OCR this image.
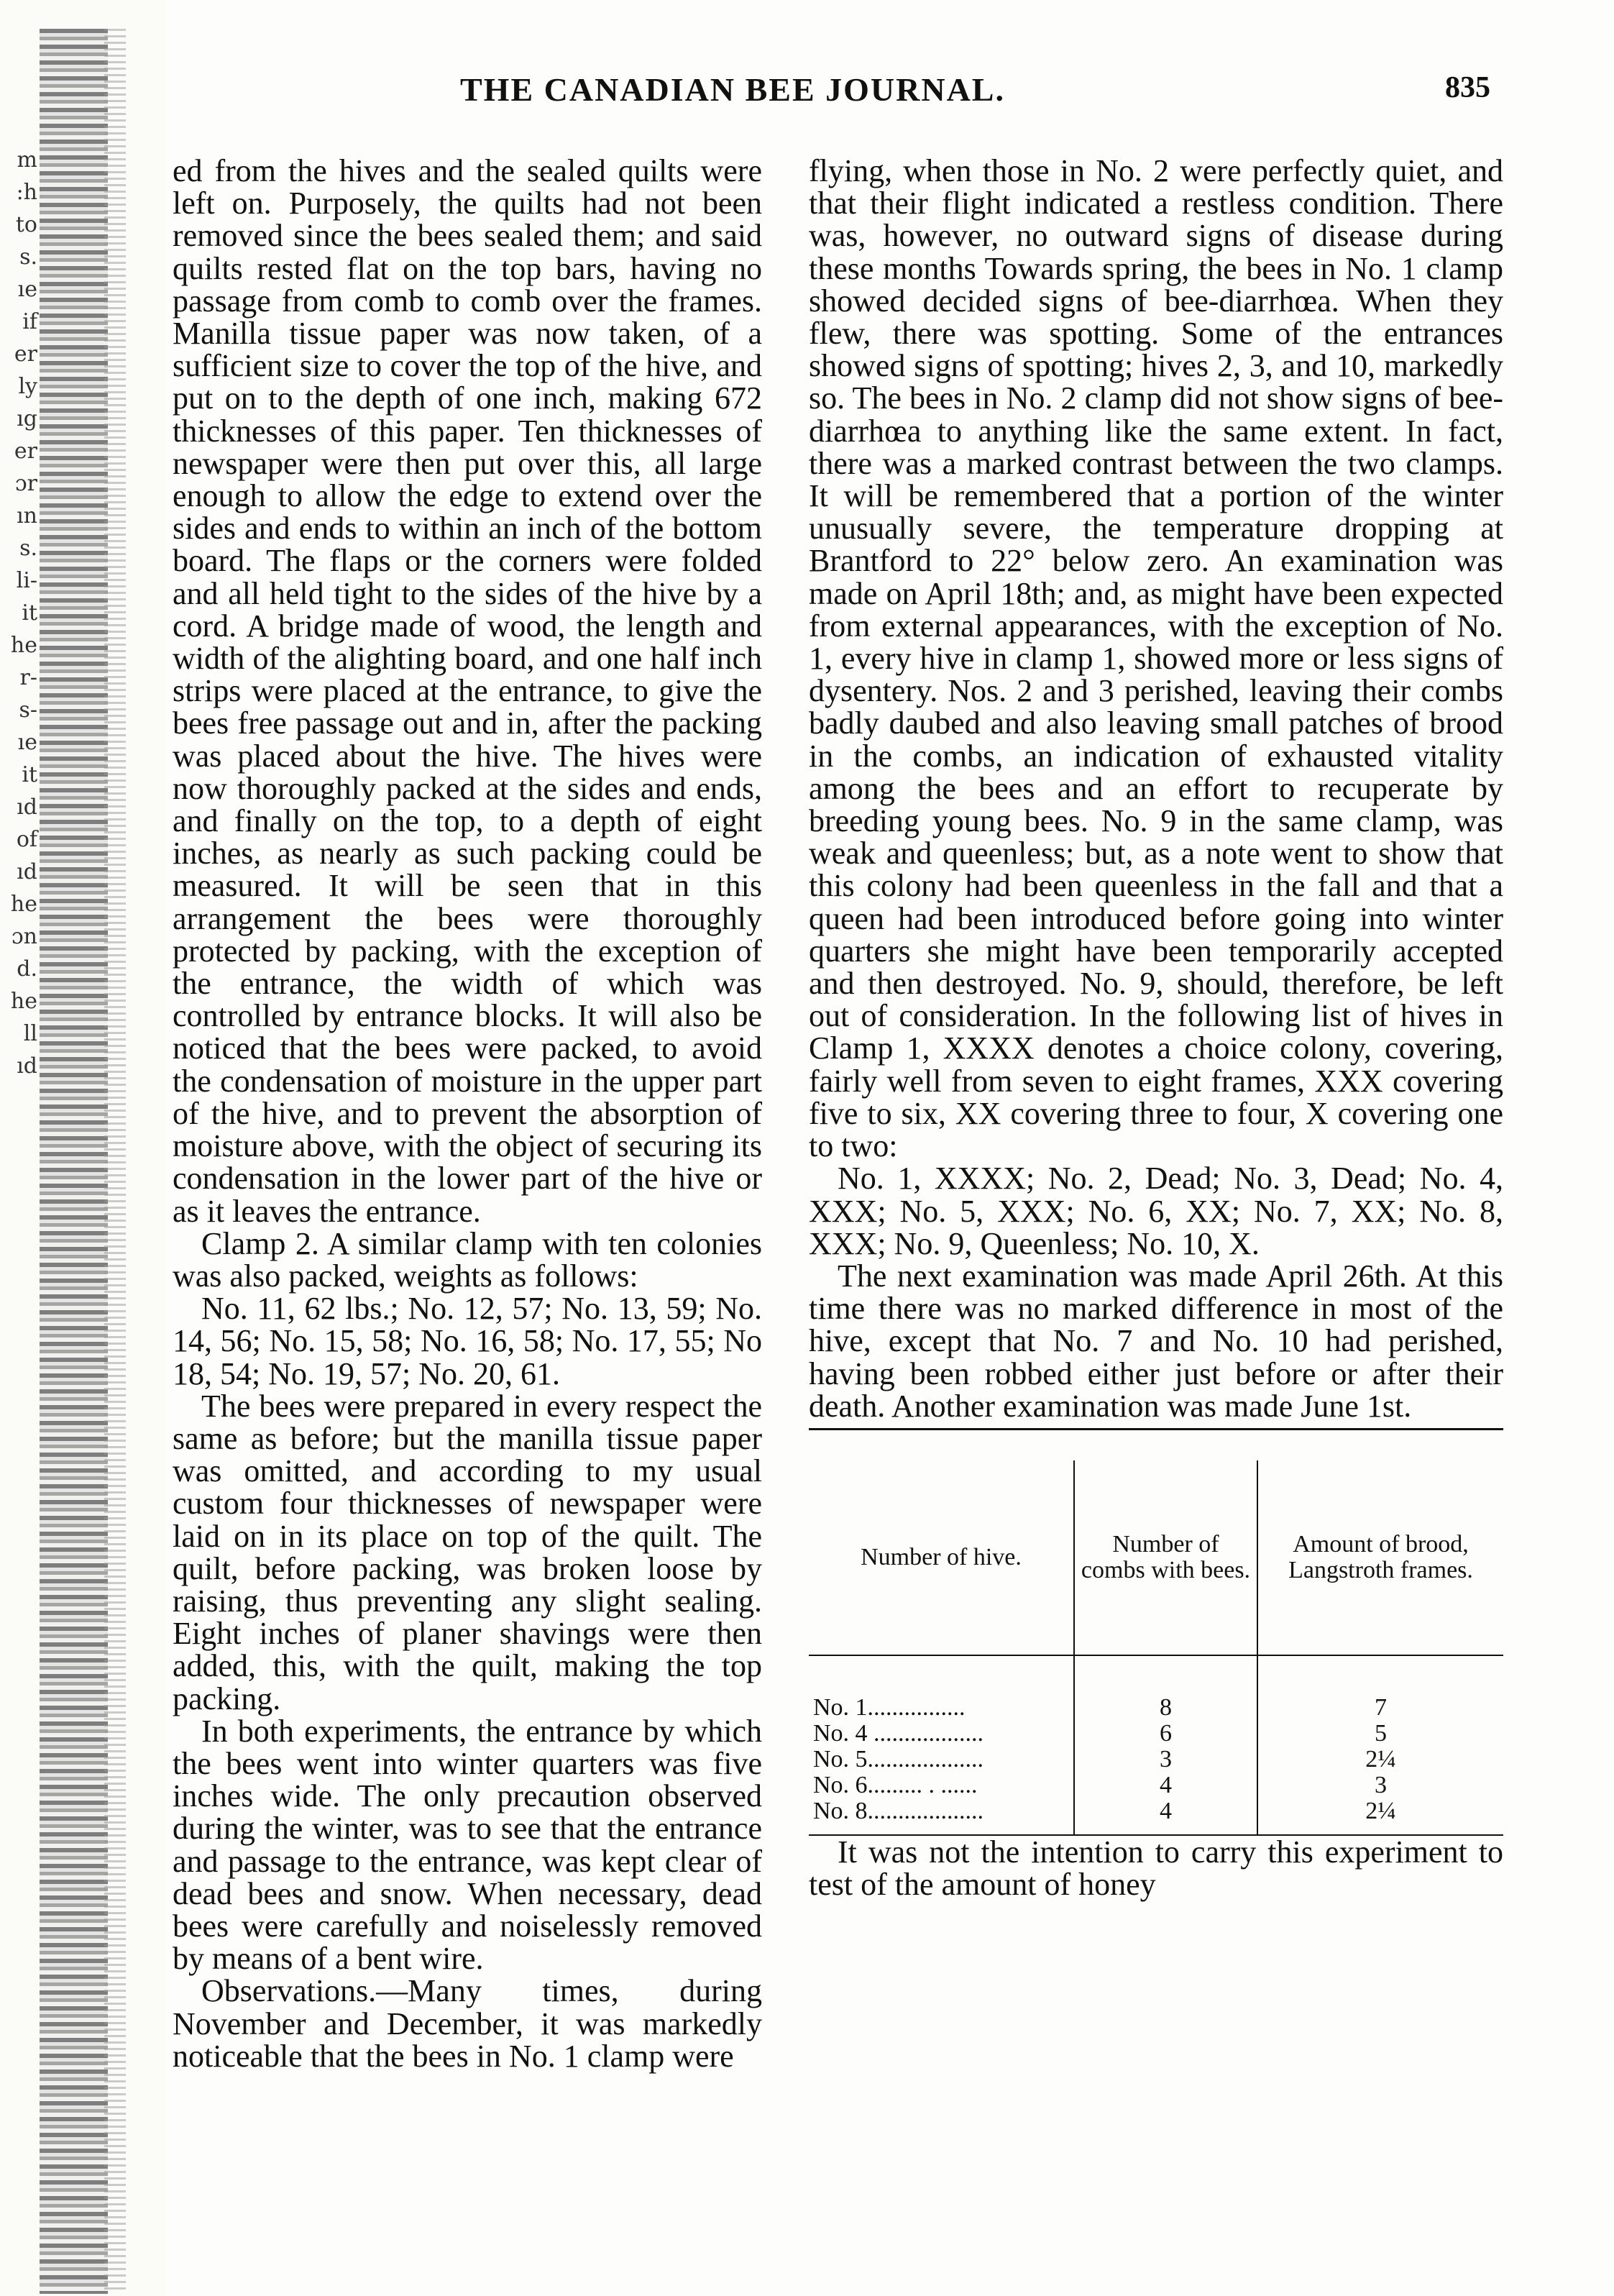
m
:h
to
s.
ıe
if
er
ly
ıg
er
ɔr
ın
s.
li-
it
he
r-
s-
ıe
it
ıd
of
ıd
he
ɔn
d.
he
ll
ıd
THE CANADIAN BEE JOURNAL.	835

ed from the hives and the sealed quilts were left on. Purposely, the quilts had not been removed since the bees sealed them; and said quilts rested flat on the top bars, having no passage from comb to comb over the frames. Manilla tissue paper was now taken, of a sufficient size to cover the top of the hive, and put on to the depth of one inch, making 672 thicknesses of this paper. Ten thicknesses of newspaper were then put over this, all large enough to allow the edge to extend over the sides and ends to within an inch of the bottom board. The flaps or the corners were folded and all held tight to the sides of the hive by a cord. A bridge made of wood, the length and width of the alighting board, and one half inch strips were placed at the entrance, to give the bees free passage out and in, after the packing was placed about the hive. The hives were now thoroughly packed at the sides and ends, and finally on the top, to a depth of eight inches, as nearly as such packing could be measured. It will be seen that in this arrangement the bees were thoroughly protected by packing, with the exception of the entrance, the width of which was controlled by entrance blocks. It will also be noticed that the bees were packed, to avoid the condensation of moisture in the upper part of the hive, and to prevent the absorption of moisture above, with the object of securing its condensation in the lower part of the hive or as it leaves the entrance.

Clamp 2. A similar clamp with ten colonies was also packed, weights as follows:

No. 11, 62 lbs.; No. 12, 57; No. 13, 59; No. 14, 56; No. 15, 58; No. 16, 58; No. 17, 55; No 18, 54; No. 19, 57; No. 20, 61.

The bees were prepared in every respect the same as before; but the manilla tissue paper was omitted, and according to my usual custom four thicknesses of newspaper were laid on in its place on top of the quilt. The quilt, before packing, was broken loose by raising, thus preventing any slight sealing. Eight inches of planer shavings were then added, this, with the quilt, making the top packing.

In both experiments, the entrance by which the bees went into winter quarters was five inches wide. The only precaution observed during the winter, was to see that the entrance and passage to the entrance, was kept clear of dead bees and snow. When necessary, dead bees were carefully and noiselessly removed by means of a bent wire.

Observations.—Many times, during November and December, it was markedly noticeable that the bees in No. 1 clamp were

flying, when those in No. 2 were perfectly quiet, and that their flight indicated a restless condition. There was, however, no outward signs of disease during these months Towards spring, the bees in No. 1 clamp showed decided signs of bee-diarrhœa. When they flew, there was spotting. Some of the entrances showed signs of spotting; hives 2, 3, and 10, markedly so. The bees in No. 2 clamp did not show signs of bee-diarrhœa to anything like the same extent. In fact, there was a marked contrast between the two clamps. It will be remembered that a portion of the winter unusually severe, the temperature dropping at Brantford to 22° below zero. An examination was made on April 18th; and, as might have been expected from external appearances, with the exception of No. 1, every hive in clamp 1, showed more or less signs of dysentery. Nos. 2 and 3 perished, leaving their combs badly daubed and also leaving small patches of brood in the combs, an indication of exhausted vitality among the bees and an effort to recuperate by breeding young bees. No. 9 in the same clamp, was weak and queenless; but, as a note went to show that this colony had been queenless in the fall and that a queen had been introduced before going into winter quarters she might have been temporarily accepted and then destroyed. No. 9, should, therefore, be left out of consideration. In the following list of hives in Clamp 1, XXXX denotes a choice colony, covering, fairly well from seven to eight frames, XXX covering five to six, XX covering three to four, X covering one to two:

No. 1, XXXX; No. 2, Dead; No. 3, Dead; No. 4, XXX; No. 5, XXX; No. 6, XX; No. 7, XX; No. 8, XXX; No. 9, Queenless; No. 10, X.

The next examination was made April 26th. At this time there was no marked difference in most of the hive, except that No. 7 and No. 10 had perished, having been robbed either just before or after their death. Another examination was made June 1st.

Number of hive.	Number of combs with bees.	Amount of brood, Langstroth frames.
No. 1................	8	7
No. 4 ..................	6	5
No. 5...................	3	2¼
No. 6......... . ......	4	3
No. 8...................	4	2¼

It was not the intention to carry this experiment to test of the amount of honey
